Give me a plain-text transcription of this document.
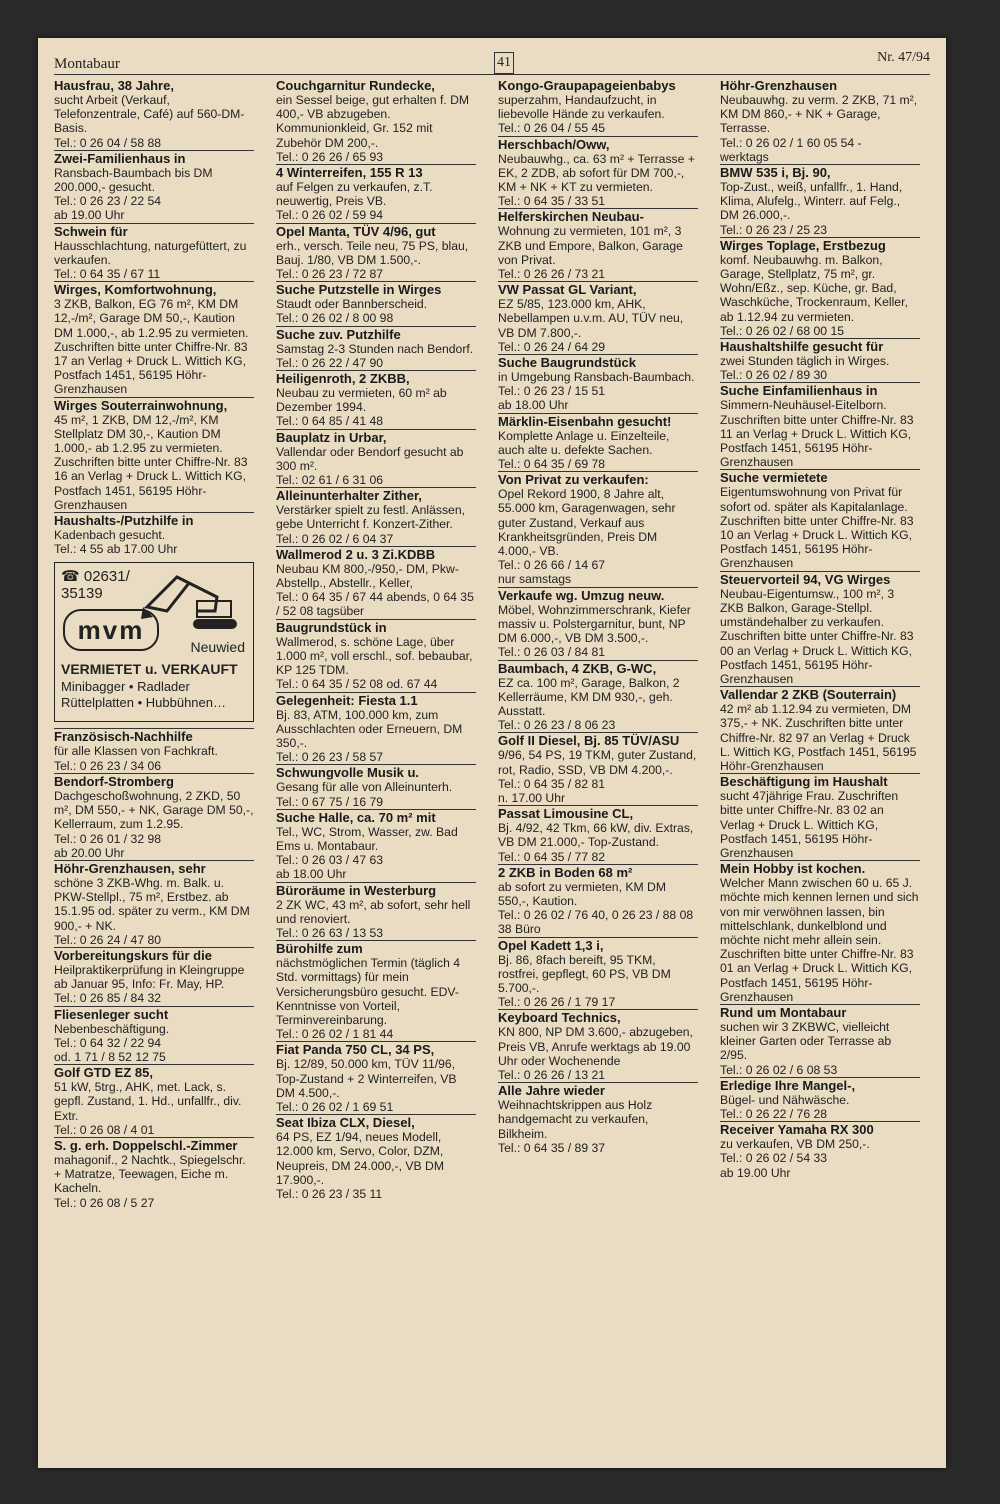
Montabaur	41	Nr. 47/94
Hausfrau, 38 Jahre,
sucht Arbeit (Verkauf, Telefonzentrale, Café) auf 560-DM-Basis.
Tel.: 0 26 04 / 58 88
Zwei-Familienhaus in
Ransbach-Baumbach bis DM 200.000,- gesucht.
Tel.: 0 26 23 / 22 54
ab 19.00 Uhr
Schwein für
Hausschlachtung, naturgefüttert, zu verkaufen.
Tel.: 0 64 35 / 67 11
Wirges, Komfortwohnung,
3 ZKB, Balkon, EG 76 m², KM DM 12,-/m², Garage DM 50,-, Kaution DM 1.000,-, ab 1.2.95 zu vermieten. Zuschriften bitte unter Chiffre-Nr. 83 17 an Verlag + Druck L. Wittich KG, Postfach 1451, 56195 Höhr-Grenzhausen
Wirges Souterrainwohnung,
45 m², 1 ZKB, DM 12,-/m², KM Stellplatz DM 30,-, Kaution DM 1.000,- ab 1.2.95 zu vermieten. Zuschriften bitte unter Chiffre-Nr. 83 16 an Verlag + Druck L. Wittich KG, Postfach 1451, 56195 Höhr-Grenzhausen
Haushalts-/Putzhilfe in
Kadenbach gesucht.
Tel.: 4 55 ab 17.00 Uhr
☎ 02631/
35139
mvm
Neuwied
VERMIETET u. VERKAUFT
Minibagger • Radlader
Rüttelplatten • Hubbühnen…
Französisch-Nachhilfe
für alle Klassen von Fachkraft.
Tel.: 0 26 23 / 34 06
Bendorf-Stromberg
Dachgeschoßwohnung, 2 ZKD, 50 m², DM 550,- + NK, Garage DM 50,-, Kellerraum, zum 1.2.95.
Tel.: 0 26 01 / 32 98
ab 20.00 Uhr
Höhr-Grenzhausen, sehr
schöne 3 ZKB-Whg. m. Balk. u. PKW-Stellpl., 75 m², Erstbez. ab 15.1.95 od. später zu verm., KM DM 900,- + NK.
Tel.: 0 26 24 / 47 80
Vorbereitungskurs für die
Heilpraktikerprüfung in Kleingruppe ab Januar 95, Info: Fr. May, HP.
Tel.: 0 26 85 / 84 32
Fliesenleger sucht
Nebenbeschäftigung.
Tel.: 0 64 32 / 22 94
od. 1 71 / 8 52 12 75
Golf GTD EZ 85,
51 kW, 5trg., AHK, met. Lack, s. gepfl. Zustand, 1. Hd., unfallfr., div. Extr.
Tel.: 0 26 08 / 4 01
S. g. erh. Doppelschl.-Zimmer
mahagonif., 2 Nachtk., Spiegelschr. + Matratze, Teewagen, Eiche m. Kacheln.
Tel.: 0 26 08 / 5 27
Couchgarnitur Rundecke,
ein Sessel beige, gut erhalten f. DM 400,- VB abzugeben. Kommunionkleid, Gr. 152 mit Zubehör DM 200,-.
Tel.: 0 26 26 / 65 93
4 Winterreifen, 155 R 13
auf Felgen zu verkaufen, z.T. neuwertig, Preis VB.
Tel.: 0 26 02 / 59 94
Opel Manta, TÜV 4/96, gut
erh., versch. Teile neu, 75 PS, blau, Bauj. 1/80, VB DM 1.500,-.
Tel.: 0 26 23 / 72 87
Suche Putzstelle in Wirges
Staudt oder Bannberscheid.
Tel.: 0 26 02 / 8 00 98
Suche zuv. Putzhilfe
Samstag 2-3 Stunden nach Bendorf.
Tel.: 0 26 22 / 47 90
Heiligenroth, 2 ZKBB,
Neubau zu vermieten, 60 m² ab Dezember 1994.
Tel.: 0 64 85 / 41 48
Bauplatz in Urbar,
Vallendar oder Bendorf gesucht ab 300 m².
Tel.: 02 61 / 6 31 06
Alleinunterhalter Zither,
Verstärker spielt zu festl. Anlässen, gebe Unterricht f. Konzert-Zither.
Tel.: 0 26 02 / 6 04 37
Wallmerod 2 u. 3 Zi.KDBB
Neubau KM 800,-/950,- DM, Pkw-Abstellp., Abstellr., Keller,
Tel.: 0 64 35 / 67 44 abends, 0 64 35 / 52 08 tagsüber
Baugrundstück in
Wallmerod, s. schöne Lage, über 1.000 m², voll erschl., sof. bebaubar, KP 125 TDM.
Tel.: 0 64 35 / 52 08 od. 67 44
Gelegenheit: Fiesta 1.1
Bj. 83, ATM, 100.000 km, zum Ausschlachten oder Erneuern, DM 350,-.
Tel.: 0 26 23 / 58 57
Schwungvolle Musik u.
Gesang für alle von Alleinunterh.
Tel.: 0 67 75 / 16 79
Suche Halle, ca. 70 m² mit
Tel., WC, Strom, Wasser, zw. Bad Ems u. Montabaur.
Tel.: 0 26 03 / 47 63
ab 18.00 Uhr
Büroräume in Westerburg
2 ZK WC, 43 m², ab sofort, sehr hell und renoviert.
Tel.: 0 26 63 / 13 53
Bürohilfe zum
nächstmöglichen Termin (täglich 4 Std. vormittags) für mein Versicherungsbüro gesucht. EDV-Kenntnisse von Vorteil, Terminvereinbarung.
Tel.: 0 26 02 / 1 81 44
Fiat Panda 750 CL, 34 PS,
Bj. 12/89, 50.000 km, TÜV 11/96, Top-Zustand + 2 Winterreifen, VB DM 4.500,-.
Tel.: 0 26 02 / 1 69 51
Seat Ibiza CLX, Diesel,
64 PS, EZ 1/94, neues Modell, 12.000 km, Servo, Color, DZM, Neupreis, DM 24.000,-, VB DM 17.900,-.
Tel.: 0 26 23 / 35 11
Kongo-Graupapageienbabys
superzahm, Handaufzucht, in liebevolle Hände zu verkaufen.
Tel.: 0 26 04 / 55 45
Herschbach/Oww,
Neubauwhg., ca. 63 m² + Terrasse + EK, 2 ZDB, ab sofort für DM 700,-, KM + NK + KT zu vermieten.
Tel.: 0 64 35 / 33 51
Helferskirchen Neubau-
Wohnung zu vermieten, 101 m², 3 ZKB und Empore, Balkon, Garage von Privat.
Tel.: 0 26 26 / 73 21
VW Passat GL Variant,
EZ 5/85, 123.000 km, AHK, Nebellampen u.v.m. AU, TÜV neu, VB DM 7.800,-.
Tel.: 0 26 24 / 64 29
Suche Baugrundstück
in Umgebung Ransbach-Baumbach.
Tel.: 0 26 23 / 15 51
ab 18.00 Uhr
Märklin-Eisenbahn gesucht!
Komplette Anlage u. Einzelteile, auch alte u. defekte Sachen.
Tel.: 0 64 35 / 69 78
Von Privat zu verkaufen:
Opel Rekord 1900, 8 Jahre alt, 55.000 km, Garagenwagen, sehr guter Zustand, Verkauf aus Krankheitsgründen, Preis DM 4.000,- VB.
Tel.: 0 26 66 / 14 67
nur samstags
Verkaufe wg. Umzug neuw.
Möbel, Wohnzimmerschrank, Kiefer massiv u. Polstergarnitur, bunt, NP DM 6.000,-, VB DM 3.500,-.
Tel.: 0 26 03 / 84 81
Baumbach, 4 ZKB, G-WC,
EZ ca. 100 m², Garage, Balkon, 2 Kellerräume, KM DM 930,-, geh. Ausstatt.
Tel.: 0 26 23 / 8 06 23
Golf II Diesel, Bj. 85 TÜV/ASU
9/96, 54 PS, 19 TKM, guter Zustand, rot, Radio, SSD, VB DM 4.200,-.
Tel.: 0 64 35 / 82 81
n. 17.00 Uhr
Passat Limousine CL,
Bj. 4/92, 42 Tkm, 66 kW, div. Extras, VB DM 21.000,- Top-Zustand.
Tel.: 0 64 35 / 77 82
2 ZKB in Boden 68 m²
ab sofort zu vermieten, KM DM 550,-, Kaution.
Tel.: 0 26 02 / 76 40, 0 26 23 / 88 08 38 Büro
Opel Kadett 1,3 i,
Bj. 86, 8fach bereift, 95 TKM, rostfrei, gepflegt, 60 PS, VB DM 5.700,-.
Tel.: 0 26 26 / 1 79 17
Keyboard Technics,
KN 800, NP DM 3.600,- abzugeben, Preis VB, Anrufe werktags ab 19.00 Uhr oder Wochenende
Tel.: 0 26 26 / 13 21
Alle Jahre wieder
Weihnachtskrippen aus Holz handgemacht zu verkaufen, Bilkheim.
Tel.: 0 64 35 / 89 37
Höhr-Grenzhausen
Neubauwhg. zu verm. 2 ZKB, 71 m², KM DM 860,- + NK + Garage, Terrasse.
Tel.: 0 26 02 / 1 60 05 54 -
werktags
BMW 535 i, Bj. 90,
Top-Zust., weiß, unfallfr., 1. Hand, Klima, Alufelg., Winterr. auf Felg., DM 26.000,-.
Tel.: 0 26 23 / 25 23
Wirges Toplage, Erstbezug
komf. Neubauwhg. m. Balkon, Garage, Stellplatz, 75 m², gr. Wohn/Eßz., sep. Küche, gr. Bad, Waschküche, Trockenraum, Keller, ab 1.12.94 zu vermieten.
Tel.: 0 26 02 / 68 00 15
Haushaltshilfe gesucht für
zwei Stunden täglich in Wirges.
Tel.: 0 26 02 / 89 30
Suche Einfamilienhaus in
Simmern-Neuhäusel-Eitelborn. Zuschriften bitte unter Chiffre-Nr. 83 11 an Verlag + Druck L. Wittich KG, Postfach 1451, 56195 Höhr-Grenzhausen
Suche vermietete
Eigentumswohnung von Privat für sofort od. später als Kapitalanlage. Zuschriften bitte unter Chiffre-Nr. 83 10 an Verlag + Druck L. Wittich KG, Postfach 1451, 56195 Höhr-Grenzhausen
Steuervorteil 94, VG Wirges
Neubau-Eigentumsw., 100 m², 3 ZKB Balkon, Garage-Stellpl. umständehalber zu verkaufen. Zuschriften bitte unter Chiffre-Nr. 83 00 an Verlag + Druck L. Wittich KG, Postfach 1451, 56195 Höhr-Grenzhausen
Vallendar 2 ZKB (Souterrain)
42 m² ab 1.12.94 zu vermieten, DM 375,- + NK. Zuschriften bitte unter Chiffre-Nr. 82 97 an Verlag + Druck L. Wittich KG, Postfach 1451, 56195 Höhr-Grenzhausen
Beschäftigung im Haushalt
sucht 47jährige Frau. Zuschriften bitte unter Chiffre-Nr. 83 02 an Verlag + Druck L. Wittich KG, Postfach 1451, 56195 Höhr-Grenzhausen
Mein Hobby ist kochen.
Welcher Mann zwischen 60 u. 65 J. möchte mich kennen lernen und sich von mir verwöhnen lassen, bin mittelschlank, dunkelblond und möchte nicht mehr allein sein. Zuschriften bitte unter Chiffre-Nr. 83 01 an Verlag + Druck L. Wittich KG, Postfach 1451, 56195 Höhr-Grenzhausen
Rund um Montabaur
suchen wir 3 ZKBWC, vielleicht kleiner Garten oder Terrasse ab 2/95.
Tel.: 0 26 02 / 6 08 53
Erledige Ihre Mangel-,
Bügel- und Nähwäsche.
Tel.: 0 26 22 / 76 28
Receiver Yamaha RX 300
zu verkaufen, VB DM 250,-.
Tel.: 0 26 02 / 54 33
ab 19.00 Uhr
